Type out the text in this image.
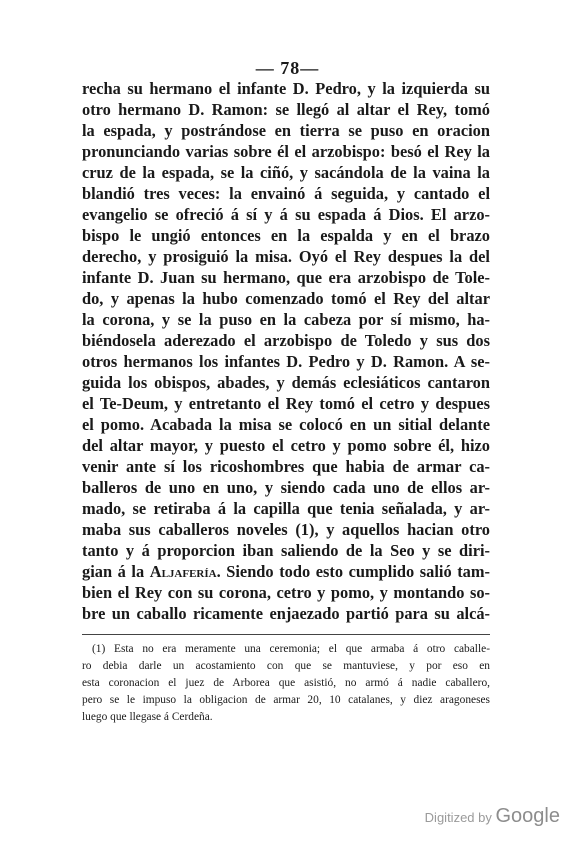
— 78—
recha su hermano el infante D. Pedro, y la izquierda su
otro hermano D. Ramon: se llegó al altar el Rey, tomó
la espada, y postrándose en tierra se puso en oracion
pronunciando varias sobre él el arzobispo: besó el Rey la
cruz de la espada, se la ciñó, y sacándola de la vaina la
blandió tres veces: la envainó á seguida, y cantado el
evangelio se ofreció á sí y á su espada á Dios. El arzo-
bispo le ungió entonces en la espalda y en el brazo
derecho, y prosiguió la misa. Oyó el Rey despues la del
infante D. Juan su hermano, que era arzobispo de Tole-
do, y apenas la hubo comenzado tomó el Rey del altar
la corona, y se la puso en la cabeza por sí mismo, ha-
biéndosela aderezado el arzobispo de Toledo y sus dos
otros hermanos los infantes D. Pedro y D. Ramon. A se-
guida los obispos, abades, y demás eclesiáticos cantaron
el Te-Deum, y entretanto el Rey tomó el cetro y despues
el pomo. Acabada la misa se colocó en un sitial delante
del altar mayor, y puesto el cetro y pomo sobre él, hizo
venir ante sí los ricoshombres que habia de armar ca-
balleros de uno en uno, y siendo cada uno de ellos ar-
mado, se retiraba á la capilla que tenia señalada, y ar-
maba sus caballeros noveles (1), y aquellos hacian otro
tanto y á proporcion iban saliendo de la Seo y se diri-
gian á la Aljafería. Siendo todo esto cumplido salió tam-
bien el Rey con su corona, cetro y pomo, y montando so-
bre un caballo ricamente enjaezado partió para su alcá-
(1) Esta no era meramente una ceremonia; el que armaba á otro caballe-
ro debia darle un acostamiento con que se mantuviese, y por eso en
esta coronacion el juez de Arborea que asistió, no armó á nadie caballero,
pero se le impuso la obligacion de armar 20, 10 catalanes, y diez aragoneses
luego que llegase á Cerdeña.
Digitized by Google
